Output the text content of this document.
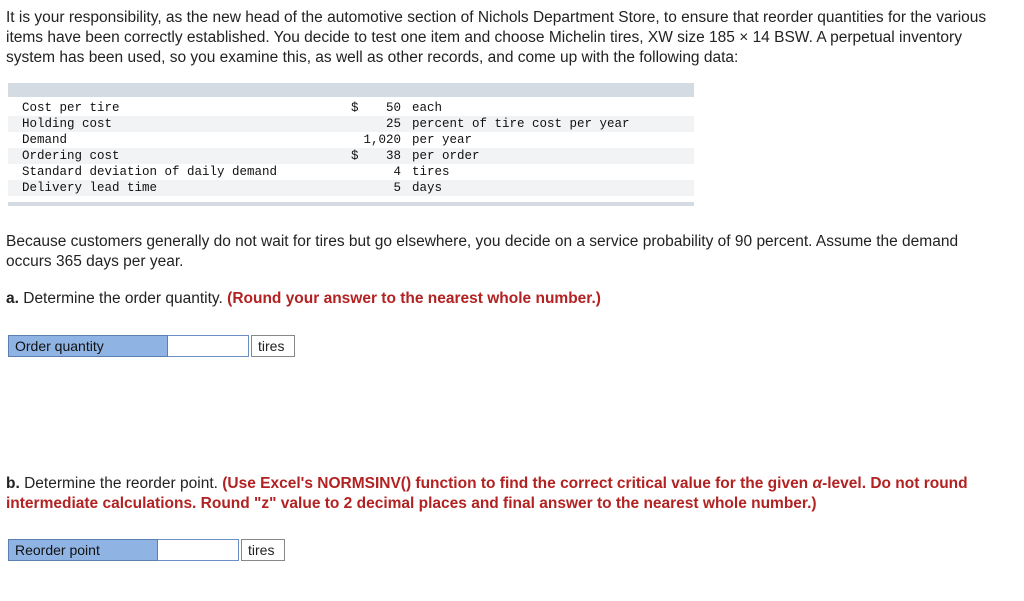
It is your responsibility, as the new head of the automotive section of Nichols Department Store, to ensure that reorder quantities for the various items have been correctly established. You decide to test one item and choose Michelin tires, XW size 185 × 14 BSW. A perpetual inventory system has been used, so you examine this, as well as other records, and come up with the following data:
Cost per tire	$ 50 each
Holding cost	25 percent of tire cost per year
Demand	1,020 per year
Ordering cost	$ 38 per order
Standard deviation of daily demand	4 tires
Delivery lead time	5 days
Because customers generally do not wait for tires but go elsewhere, you decide on a service probability of 90 percent. Assume the demand occurs 365 days per year.
a. Determine the order quantity. (Round your answer to the nearest whole number.)
Order quantity	tires
b. Determine the reorder point. (Use Excel's NORMSINV() function to find the correct critical value for the given α-level. Do not round intermediate calculations. Round "z" value to 2 decimal places and final answer to the nearest whole number.)
Reorder point	tires
